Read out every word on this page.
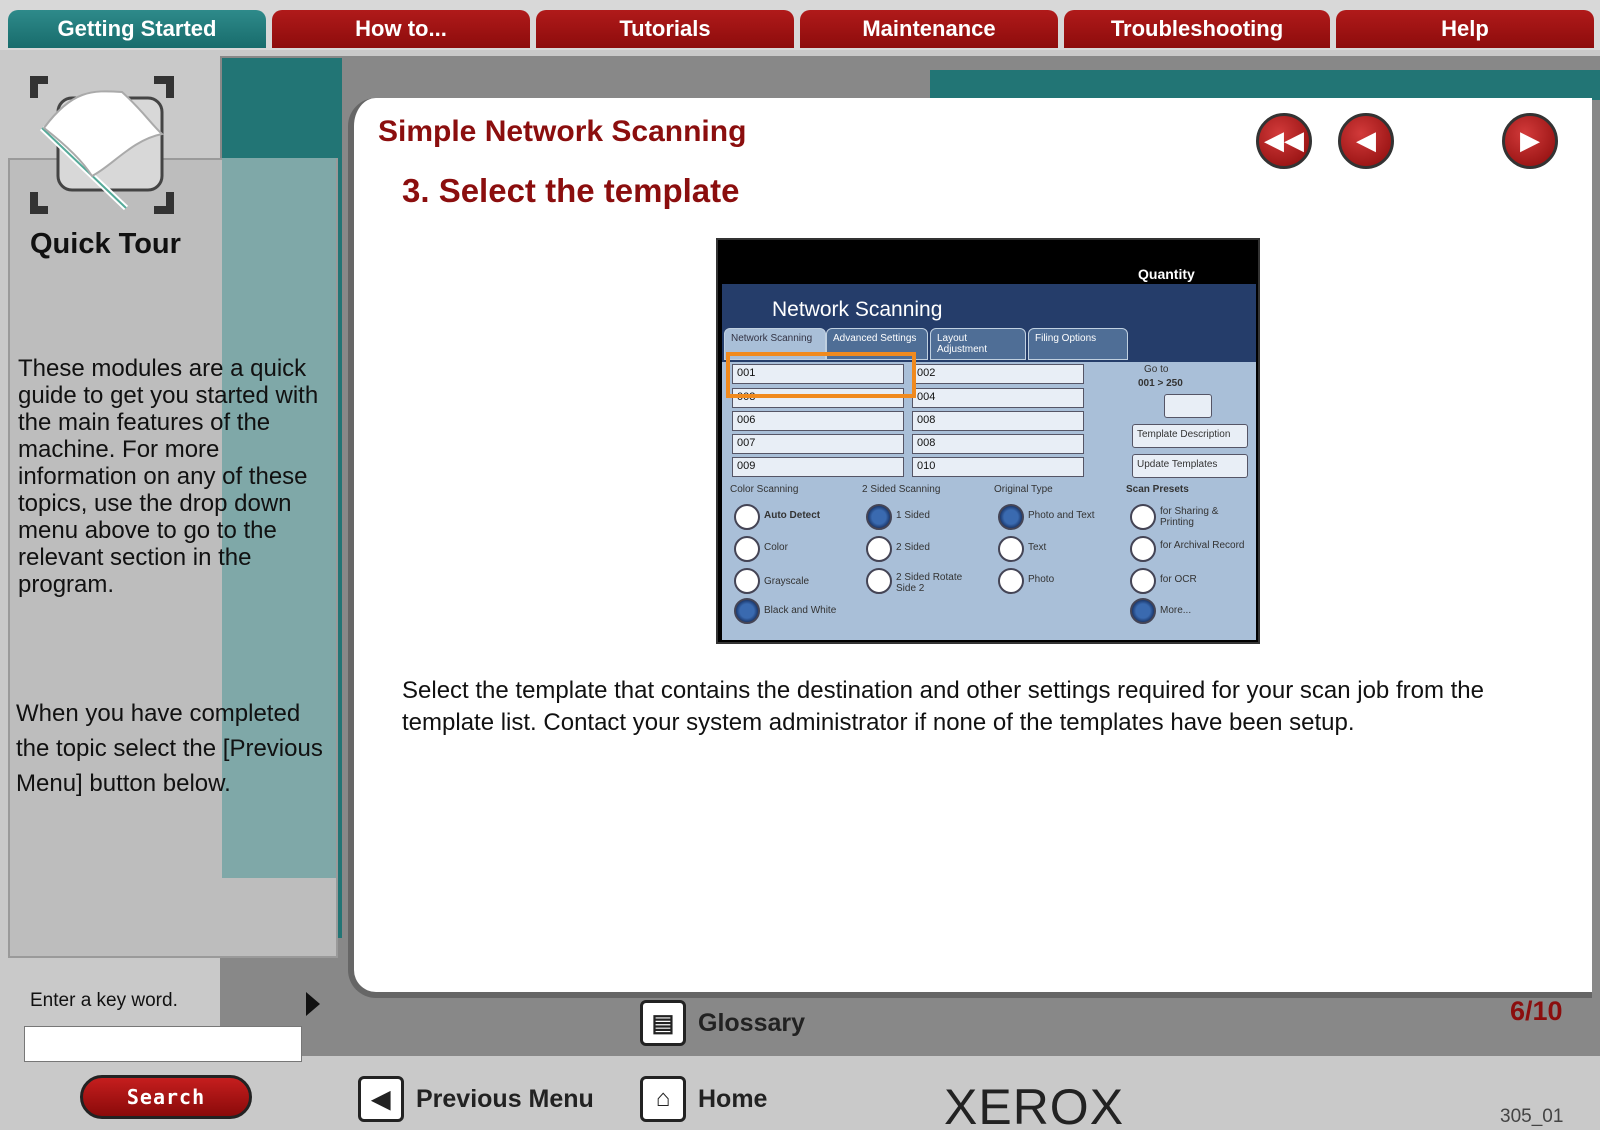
Getting Started	How to...	Tutorials	Maintenance	Troubleshooting	Help
Quick Tour
These modules are a quick guide to get you started with the main features of the machine. For more information on any of these topics, use the drop down menu above to go to the relevant section in the program.
When you have completed the topic select the [Previous Menu] button below.
Enter a key word.
Search
Simple Network Scanning
3. Select the template
◀◀	◀	▶
Quantity
Network Scanning
Network Scanning	Advanced Settings	Layout Adjustment
Filing Options
001	002
003	004
006	008
007	008
009	010
Go to
001 > 250
Template Description
Update Templates
Color Scanning
Auto Detect
Color
Grayscale
Black and White
2 Sided Scanning
1 Sided
2 Sided
2 Sided Rotate Side 2
Original Type
Photo and Text
Text
Photo
Scan Presets
for Sharing & Printing
for Archival Record
for OCR
More...
Select the template that contains the destination and other settings required for your scan job from the template list. Contact your system administrator if none of the templates have been setup.
6/10
▤ Glossary
◀	Previous Menu	⌂	Home	XEROX	305_01
